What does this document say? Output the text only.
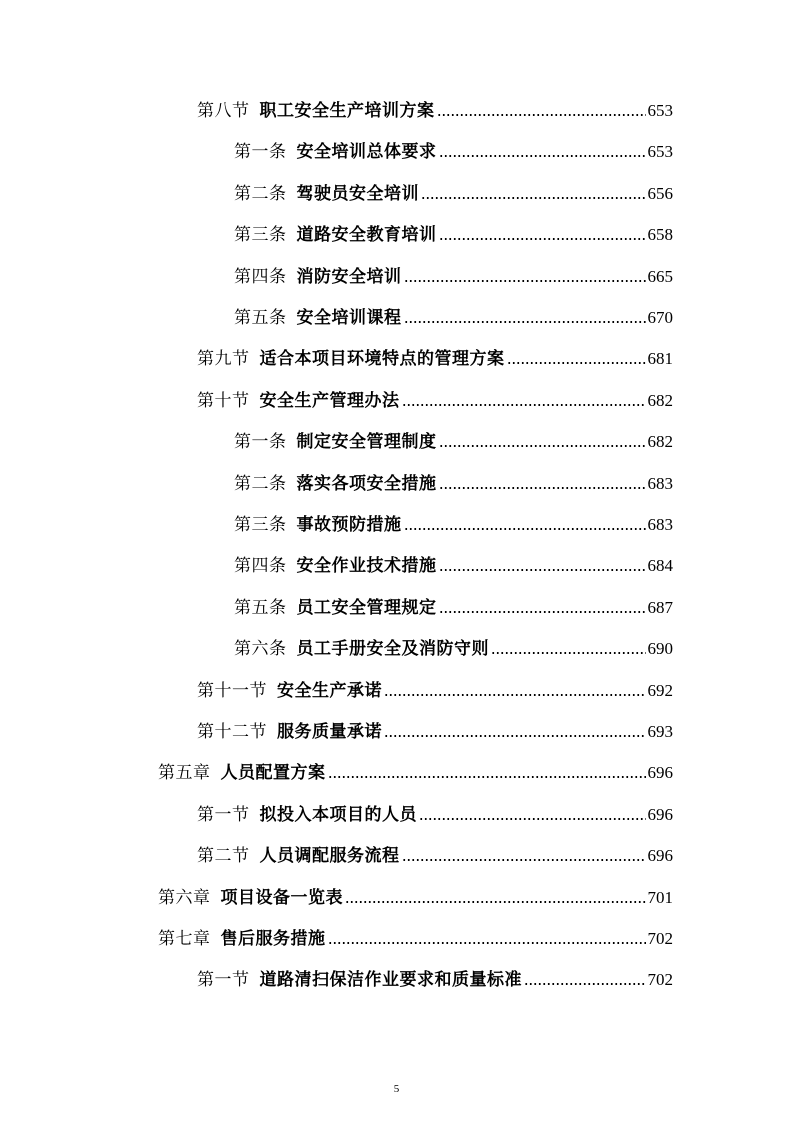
第八节 职工安全生产培训方案	653
第一条 安全培训总体要求	653
第二条 驾驶员安全培训	656
第三条 道路安全教育培训	658
第四条 消防安全培训	665
第五条 安全培训课程	670
第九节 适合本项目环境特点的管理方案	681
第十节 安全生产管理办法	682
第一条 制定安全管理制度	682
第二条 落实各项安全措施	683
第三条 事故预防措施	683
第四条 安全作业技术措施	684
第五条 员工安全管理规定	687
第六条 员工手册安全及消防守则	690
第十一节 安全生产承诺	692
第十二节 服务质量承诺	693
第五章 人员配置方案	696
第一节 拟投入本项目的人员	696
第二节 人员调配服务流程	696
第六章 项目设备一览表	701
第七章 售后服务措施	702
第一节 道路清扫保洁作业要求和质量标准	702
5
